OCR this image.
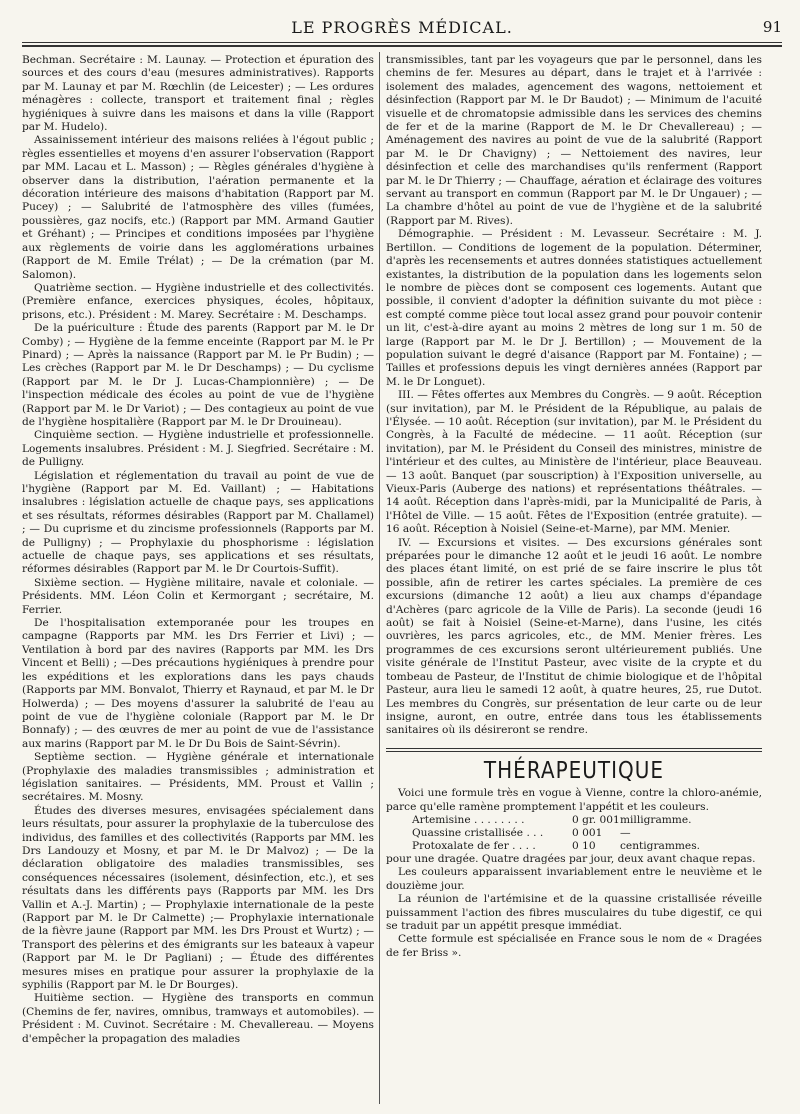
LE PROGRÈS MÉDICAL.	91

Bechman. Secrétaire : M. Launay. — Protection et épuration des sources et des cours d'eau (mesures administratives). Rapports par M. Launay et par M. Rœchlin (de Leicester) ; — Les ordures ménagères : collecte, transport et traitement final ; règles hygiéniques à suivre dans les maisons et dans la ville (Rapport par M. Hudelo).

Assainissement intérieur des maisons reliées à l'égout public ; règles essentielles et moyens d'en assurer l'observation (Rapport par MM. Lacau et L. Masson) ; — Règles générales d'hygiène à observer dans la distribution, l'aération permanente et la décoration intérieure des maisons d'habitation (Rapport par M. Pucey) ; — Salubrité de l'atmosphère des villes (fumées, poussières, gaz nocifs, etc.) (Rapport par MM. Armand Gautier et Gréhant) ; — Principes et conditions imposées par l'hygiène aux règlements de voirie dans les agglomérations urbaines (Rapport de M. Emile Trélat) ; — De la crémation (par M. Salomon).

Quatrième section. — Hygiène industrielle et des collectivités. (Première enfance, exercices physiques, écoles, hôpitaux, prisons, etc.). Président : M. Marey. Secrétaire : M. Deschamps.

De la puériculture : Étude des parents (Rapport par M. le Dr Comby) ; — Hygiène de la femme enceinte (Rapport par M. le Pr Pinard) ; — Après la naissance (Rapport par M. le Pr Budin) ; — Les crèches (Rapport par M. le Dr Deschamps) ; — Du cyclisme (Rapport par M. le Dr J. Lucas-Championnière) ; — De l'inspection médicale des écoles au point de vue de l'hygiène (Rapport par M. le Dr Variot) ; — Des contagieux au point de vue de l'hygiène hospitalière (Rapport par M. le Dr Drouineau).

Cinquième section. — Hygiène industrielle et professionnelle. Logements insalubres. Président : M. J. Siegfried. Secrétaire : M. de Pulligny.

Législation et réglementation du travail au point de vue de l'hygiène (Rapport par M. Ed. Vaillant) ; — Habitations insalubres : législation actuelle de chaque pays, ses applications et ses résultats, réformes désirables (Rapport par M. Challamel) ; — Du cuprisme et du zincisme professionnels (Rapports par M. de Pulligny) ; — Prophylaxie du phosphorisme : législation actuelle de chaque pays, ses applications et ses résultats, réformes désirables (Rapport par M. le Dr Courtois-Suffit).

Sixième section. — Hygiène militaire, navale et coloniale. — Présidents. MM. Léon Colin et Kermorgant ; secrétaire, M. Ferrier.

De l'hospitalisation extemporanée pour les troupes en campagne (Rapports par MM. les Drs Ferrier et Livi) ; —Ventilation à bord par des navires (Rapports par MM. les Drs Vincent et Belli) ; —Des précautions hygiéniques à prendre pour les expéditions et les explorations dans les pays chauds (Rapports par MM. Bonvalot, Thierry et Raynaud, et par M. le Dr Holwerda) ; — Des moyens d'assurer la salubrité de l'eau au point de vue de l'hygiène coloniale (Rapport par M. le Dr Bonnafy) ; — des œuvres de mer au point de vue de l'assistance aux marins (Rapport par M. le Dr Du Bois de Saint-Sévrin).

Septième section. — Hygiène générale et internationale (Prophylaxie des maladies transmissibles ; administration et législation sanitaires. — Présidents, MM. Proust et Vallin ; secrétaires. M. Mosny.

Études des diverses mesures, envisagées spécialement dans leurs résultats, pour assurer la prophylaxie de la tuberculose des individus, des familles et des collectivités (Rapports par MM. les Drs Landouzy et Mosny, et par M. le Dr Malvoz) ; — De la déclaration obligatoire des maladies transmissibles, ses conséquences nécessaires (isolement, désinfection, etc.), et ses résultats dans les différents pays (Rapports par MM. les Drs Vallin et A.-J. Martin) ; — Prophylaxie internationale de la peste (Rapport par M. le Dr Calmette) ;— Prophylaxie internationale de la fièvre jaune (Rapport par MM. les Drs Proust et Wurtz) ; — Transport des pèlerins et des émigrants sur les bateaux à vapeur (Rapport par M. le Dr Pagliani) ; — Étude des différentes mesures mises en pratique pour assurer la prophylaxie de la syphilis (Rapport par M. le Dr Bourges).

Huitième section. — Hygiène des transports en commun (Chemins de fer, navires, omnibus, tramways et automobiles). — Président : M. Cuvinot. Secrétaire : M. Chevallereau. — Moyens d'empêcher la propagation des maladies

transmissibles, tant par les voyageurs que par le personnel, dans les chemins de fer. Mesures au départ, dans le trajet et à l'arrivée : isolement des malades, agencement des wagons, nettoiement et désinfection (Rapport par M. le Dr Baudot) ; — Minimum de l'acuité visuelle et de chromatopsie admissible dans les services des chemins de fer et de la marine (Rapport de M. le Dr Chevallereau) ; — Aménagement des navires au point de vue de la salubrité (Rapport par M. le Dr Chavigny) ; — Nettoiement des navires, leur désinfection et celle des marchandises qu'ils renferment (Rapport par M. le Dr Thierry ; — Chauffage, aération et éclairage des voitures servant au transport en commun (Rapport par M. le Dr Ungauer) ; — La chambre d'hôtel au point de vue de l'hygiène et de la salubrité (Rapport par M. Rives).

Démographie. — Président : M. Levasseur. Secrétaire : M. J. Bertillon. — Conditions de logement de la population. Déterminer, d'après les recensements et autres données statistiques actuellement existantes, la distribution de la population dans les logements selon le nombre de pièces dont se composent ces logements. Autant que possible, il convient d'adopter la définition suivante du mot pièce : est compté comme pièce tout local assez grand pour pouvoir contenir un lit, c'est-à-dire ayant au moins 2 mètres de long sur 1 m. 50 de large (Rapport par M. le Dr J. Bertillon) ; — Mouvement de la population suivant le degré d'aisance (Rapport par M. Fontaine) ; — Tailles et professions depuis les vingt dernières années (Rapport par M. le Dr Longuet).

III. — Fêtes offertes aux Membres du Congrès. — 9 août. Réception (sur invitation), par M. le Président de la République, au palais de l'Élysée. — 10 août. Réception (sur invitation), par M. le Président du Congrès, à la Faculté de médecine. — 11 août. Réception (sur invitation), par M. le Président du Conseil des ministres, ministre de l'intérieur et des cultes, au Ministère de l'intérieur, place Beauveau. — 13 août. Banquet (par souscription) à l'Exposition universelle, au Vieux-Paris (Auberge des nations) et représentations théâtrales. — 14 août. Réception dans l'après-midi, par la Municipalité de Paris, à l'Hôtel de Ville. — 15 août. Fêtes de l'Exposition (entrée gratuite). — 16 août. Réception à Noisiel (Seine-et-Marne), par MM. Menier.

IV. — Excursions et visites. — Des excursions générales sont préparées pour le dimanche 12 août et le jeudi 16 août. Le nombre des places étant limité, on est prié de se faire inscrire le plus tôt possible, afin de retirer les cartes spéciales. La première de ces excursions (dimanche 12 août) a lieu aux champs d'épandage d'Achères (parc agricole de la Ville de Paris). La seconde (jeudi 16 août) se fait à Noisiel (Seine-et-Marne), dans l'usine, les cités ouvrières, les parcs agricoles, etc., de MM. Menier frères. Les programmes de ces excursions seront ultérieurement publiés. Une visite générale de l'Institut Pasteur, avec visite de la crypte et du tombeau de Pasteur, de l'Institut de chimie biologique et de l'hôpital Pasteur, aura lieu le samedi 12 août, à quatre heures, 25, rue Dutot. Les membres du Congrès, sur présentation de leur carte ou de leur insigne, auront, en outre, entrée dans tous les établissements sanitaires où ils désireront se rendre.

THÉRAPEUTIQUE

Voici une formule très en vogue à Vienne, contre la chloro-anémie, parce qu'elle ramène promptement l'appétit et les couleurs.

Artemisine . . . . . . . .	0 gr. 001	milligramme.
Quassine cristallisée . . .	0 001	—
Protoxalate de fer . . . .	0 10	centigrammes.

pour une dragée. Quatre dragées par jour, deux avant chaque repas.

Les couleurs apparaissent invariablement entre le neuvième et le douzième jour.

La réunion de l'artémisine et de la quassine cristallisée réveille puissamment l'action des fibres musculaires du tube digestif, ce qui se traduit par un appétit presque immédiat.

Cette formule est spécialisée en France sous le nom de « Dragées de fer Briss ».
